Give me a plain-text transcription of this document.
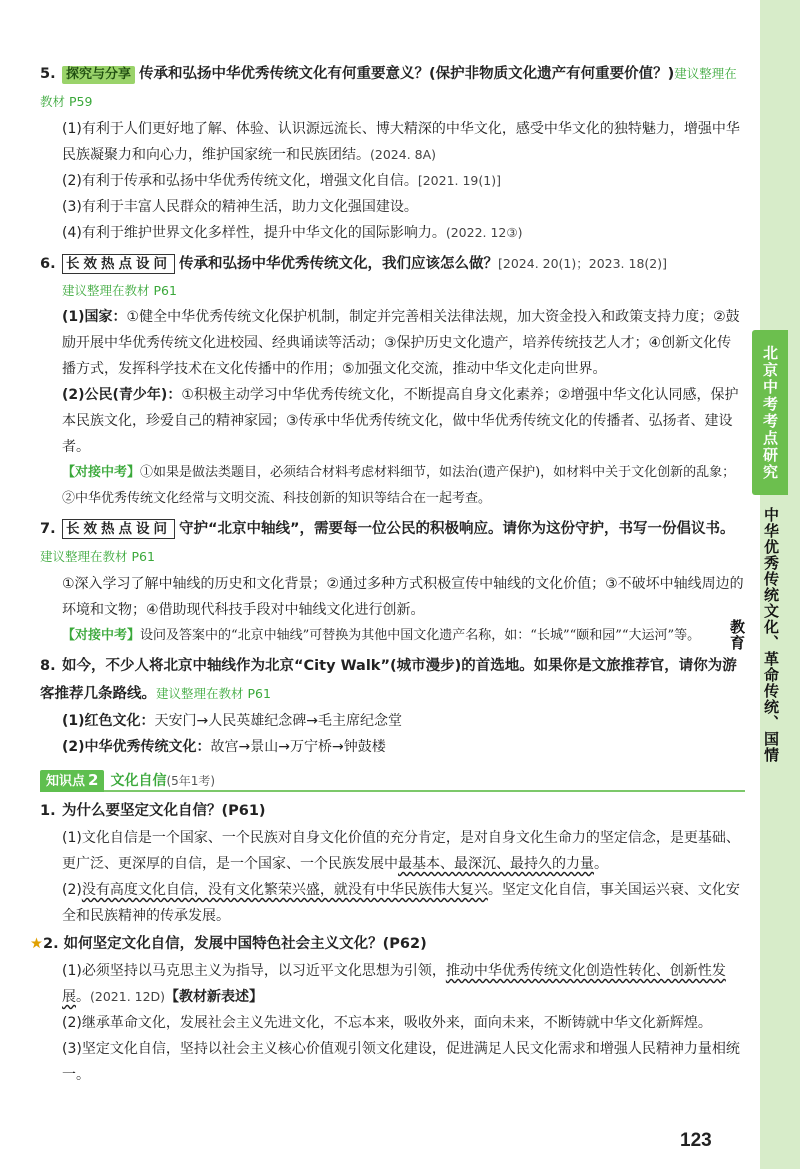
北京中考考点研究
中华优秀传统文化、革命传统、国情教育

5. 探究与分享 传承和弘扬中华优秀传统文化有何重要意义？(保护非物质文化遗产有何重要价值？)建议整理在教材 P59

(1)有利于人们更好地了解、体验、认识源远流长、博大精深的中华文化，感受中华文化的独特魅力，增强中华民族凝聚力和向心力，维护国家统一和民族团结。(2024. 8A)

(2)有利于传承和弘扬中华优秀传统文化，增强文化自信。[2021. 19(1)]

(3)有利于丰富人民群众的精神生活，助力文化强国建设。

(4)有利于维护世界文化多样性，提升中华文化的国际影响力。(2022. 12③)

6. 长效热点设问 传承和弘扬中华优秀传统文化，我们应该怎么做？[2024. 20(1)；2023. 18(2)]

建议整理在教材 P61

(1)国家：①健全中华优秀传统文化保护机制，制定并完善相关法律法规，加大资金投入和政策支持力度；②鼓励开展中华优秀传统文化进校园、经典诵读等活动；③保护历史文化遗产，培养传统技艺人才；④创新文化传播方式，发挥科学技术在文化传播中的作用；⑤加强文化交流，推动中华文化走向世界。

(2)公民(青少年)：①积极主动学习中华优秀传统文化，不断提高自身文化素养；②增强中华文化认同感，保护本民族文化，珍爱自己的精神家园；③传承中华优秀传统文化，做中华优秀传统文化的传播者、弘扬者、建设者。

【对接中考】①如果是做法类题目，必须结合材料考虑材料细节，如法治(遗产保护)，如材料中关于文化创新的乱象；②中华优秀传统文化经常与文明交流、科技创新的知识等结合在一起考查。

7. 长效热点设问 守护“北京中轴线”，需要每一位公民的积极响应。请你为这份守护，书写一份倡议书。建议整理在教材 P61

①深入学习了解中轴线的历史和文化背景；②通过多种方式积极宣传中轴线的文化价值；③不破坏中轴线周边的环境和文物；④借助现代科技手段对中轴线文化进行创新。

【对接中考】设问及答案中的“北京中轴线”可替换为其他中国文化遗产名称，如：“长城”“颐和园”“大运河”等。

8. 如今，不少人将北京中轴线作为北京“City Walk”(城市漫步)的首选地。如果你是文旅推荐官，请你为游客推荐几条路线。建议整理在教材 P61

(1)红色文化：天安门→人民英雄纪念碑→毛主席纪念堂

(2)中华优秀传统文化：故宫→景山→万宁桥→钟鼓楼

知识点 2 文化自信(5年1考)

1. 为什么要坚定文化自信？(P61)

(1)文化自信是一个国家、一个民族对自身文化价值的充分肯定，是对自身文化生命力的坚定信念，是更基础、更广泛、更深厚的自信，是一个国家、一个民族发展中最基本、最深沉、最持久的力量。

(2)没有高度文化自信，没有文化繁荣兴盛，就没有中华民族伟大复兴。坚定文化自信，事关国运兴衰、文化安全和民族精神的传承发展。

★2. 如何坚定文化自信，发展中国特色社会主义文化？(P62)

(1)必须坚持以马克思主义为指导，以习近平文化思想为引领，推动中华优秀传统文化创造性转化、创新性发展。(2021. 12D)【教材新表述】

(2)继承革命文化，发展社会主义先进文化，不忘本来，吸收外来，面向未来，不断铸就中华文化新辉煌。

(3)坚定文化自信，坚持以社会主义核心价值观引领文化建设，促进满足人民文化需求和增强人民精神力量相统一。

123
